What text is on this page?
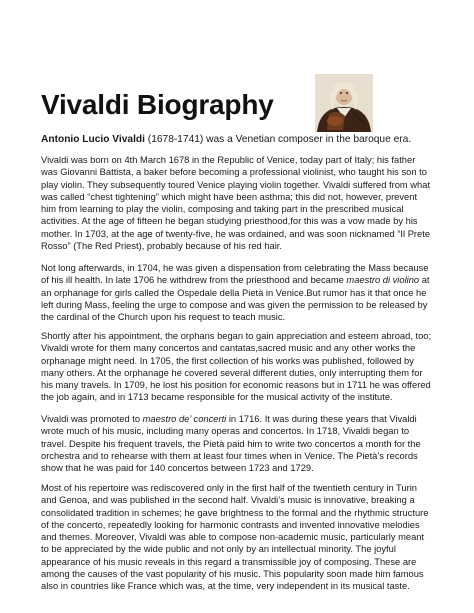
Vivaldi Biography
Antonio Lucio Vivaldi (1678-1741) was a Venetian composer in the baroque era.
Vivaldi was born on 4th March 1678 in the Republic of Venice, today part of Italy; his father
was Giovanni Battista, a baker before becoming a professional violinist, who taught his son to
play violin. They subsequently toured Venice playing violin together. Vivaldi suffered from what
was called “chest tightening” which might have been asthma; this did not, however, prevent
him from learning to play the violin, composing and taking part in the prescribed musical
activities. At the age of fifteen he began studying priesthood,for this was a vow made by his
mother. In 1703, at the age of twenty-five, he was ordained, and was soon nicknamed “Il Prete
Rosso” (The Red Priest), probably because of his red hair.
Not long afterwards, in 1704, he was given a dispensation from celebrating the Mass because
of his ill health. In late 1706 he withdrew from the priesthood and became maestro di violino at
an orphanage for girls called the Ospedale della Pietà in Venice.But rumor has it that once he
left during Mass, feeling the urge to compose and was given the permission to be released by
the cardinal of the Church upon his request to teach music.
Shortly after his appointment, the orphans began to gain appreciation and esteem abroad, too;
Vivaldi wrote for them many concertos and cantatas,sacred music and any other works the
orphanage might need. In 1705, the first collection of his works was published, followed by
many others. At the orphanage he covered several different duties, only interrupting them for
his many travels. In 1709, he lost his position for economic reasons but in 1711 he was offered
the job again, and in 1713 became responsible for the musical activity of the institute.
Vivaldi was promoted to maestro de’ concerti in 1716. It was during these years that Vivaldi
wrote much of his music, including many operas and concertos. In 1718, Vivaldi began to
travel. Despite his frequent travels, the Pietà paid him to write two concertos a month for the
orchestra and to rehearse with them at least four times when in Venice. The Pietà’s records
show that he was paid for 140 concertos between 1723 and 1729.
Most of his repertoire was rediscovered only in the first half of the twentieth century in Turin
and Genoa, and was published in the second half. Vivaldi’s music is innovative, breaking a
consolidated tradition in schemes; he gave brightness to the formal and the rhythmic structure
of the concerto, repeatedly looking for harmonic contrasts and invented innovative melodies
and themes. Moreover, Vivaldi was able to compose non-academic music, particularly meant
to be appreciated by the wide public and not only by an intellectual minority. The joyful
appearance of his music reveals in this regard a transmissible joy of composing. These are
among the causes of the vast popularity of his music. This popularity soon made him famous
also in countries like France which was, at the time, very independent in its musical taste.
